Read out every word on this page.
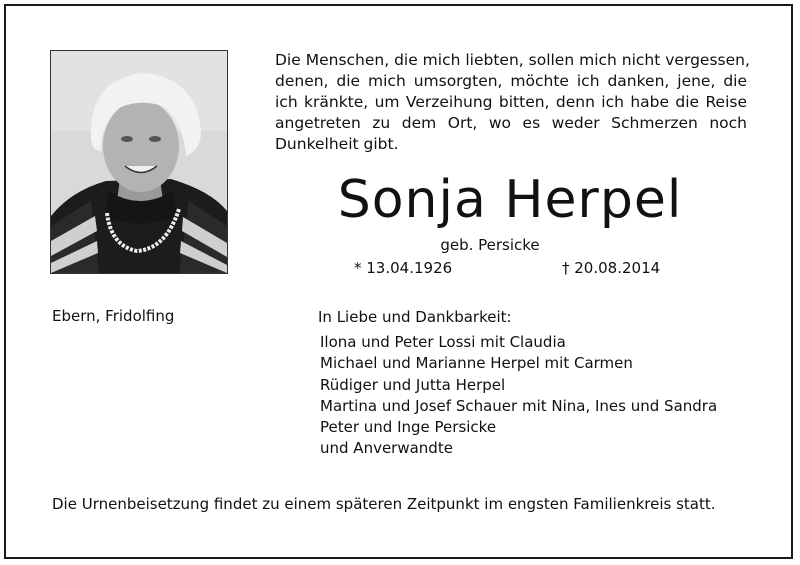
Die Menschen, die mich liebten, sollen mich nicht vergessen,
denen, die mich umsorgten, möchte ich danken, jene, die
ich kränkte, um Verzeihung bitten, denn ich habe die Reise
angetreten zu dem Ort, wo es weder Schmerzen noch
Dunkelheit gibt.
Sonja Herpel
geb. Persicke
* 13.04.1926	† 20.08.2014
Ebern, Fridolfing	In Liebe und Dankbarkeit:
Ilona und Peter Lossi mit Claudia
Michael und Marianne Herpel mit Carmen
Rüdiger und Jutta Herpel
Martina und Josef Schauer mit Nina, Ines und Sandra
Peter und Inge Persicke
und Anverwandte
Die Urnenbeisetzung findet zu einem späteren Zeitpunkt im engsten Familienkreis statt.
